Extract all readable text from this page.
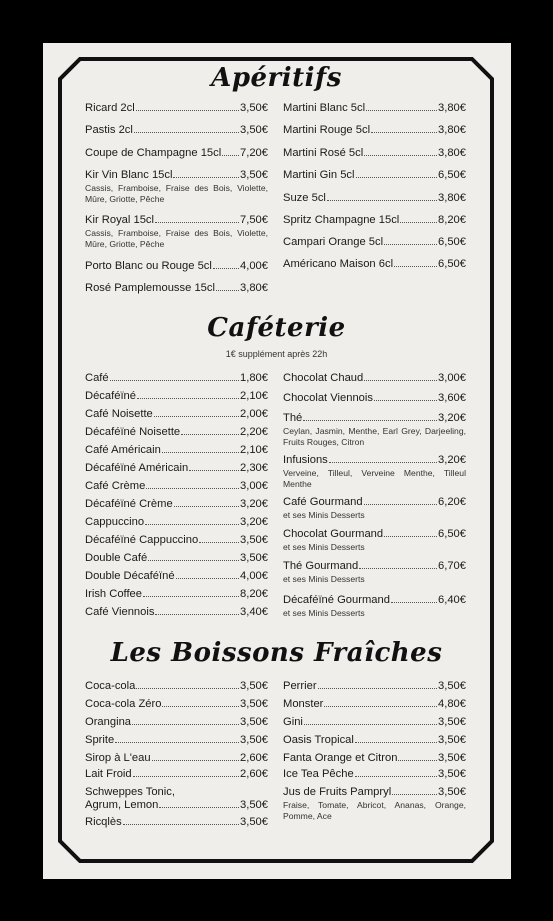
Apéritifs
Ricard 2cl	3,50€
Pastis 2cl	3,50€
Coupe de Champagne 15cl 7,20€
Kir Vin Blanc 15cl	3,50€
Cassis, Framboise, Fraise des Bois, Violette, Mûre, Griotte, Pêche
Kir Royal 15cl	7,50€
Cassis, Framboise, Fraise des Bois, Violette, Mûre, Griotte, Pêche
Porto Blanc ou Rouge 5cl	4,00€
Rosé Pamplemousse 15cl 3,80€
Martini Blanc 5cl	3,80€
Martini Rouge 5cl	3,80€
Martini Rosé 5cl	3,80€
Martini Gin 5cl	6,50€
Suze 5cl	3,80€
Spritz Champagne 15cl	8,20€
Campari Orange 5cl	6,50€
Américano Maison 6cl	6,50€
Caféterie
1€ supplément après 22h
Café	1,80€
Décaféïné	2,10€
Café Noisette	2,00€
Décaféïné Noisette	2,20€
Café Américain	2,10€
Décaféïné Américain	2,30€
Café Crème	3,00€
Décaféïné Crème	3,20€
Cappuccino	3,20€
Décaféïné Cappuccino	3,50€
Double Café	3,50€
Double Décaféïné	4,00€
Irish Coffee	8,20€
Café Viennois	3,40€
Chocolat Chaud	3,00€
Chocolat Viennois	3,60€
Thé	3,20€
Ceylan, Jasmin, Menthe, Earl Grey, Darjeeling, Fruits Rouges, Citron
Infusions	3,20€
Verveine, Tilleul, Verveine Menthe, Tilleul Menthe
Café Gourmand	6,20€
et ses Minis Desserts
Chocolat Gourmand	6,50€
et ses Minis Desserts
Thé Gourmand	6,70€
et ses Minis Desserts
Décaféïné Gourmand	6,40€
et ses Minis Desserts
Les Boissons Fraîches
Coca-cola	3,50€
Coca-cola Zéro	3,50€
Orangina	3,50€
Sprite	3,50€
Sirop à L'eau	2,60€
Lait Froid	2,60€
Schweppes Tonic,
Agrum, Lemon	3,50€
Ricqlès	3,50€
Perrier	3,50€
Monster	4,80€
Gini	3,50€
Oasis Tropical	3,50€
Fanta Orange et Citron	3,50€
Ice Tea Pêche	3,50€
Jus de Fruits Pampryl	3,50€
Fraise, Tomate, Abricot, Ananas, Orange, Pomme, Ace
